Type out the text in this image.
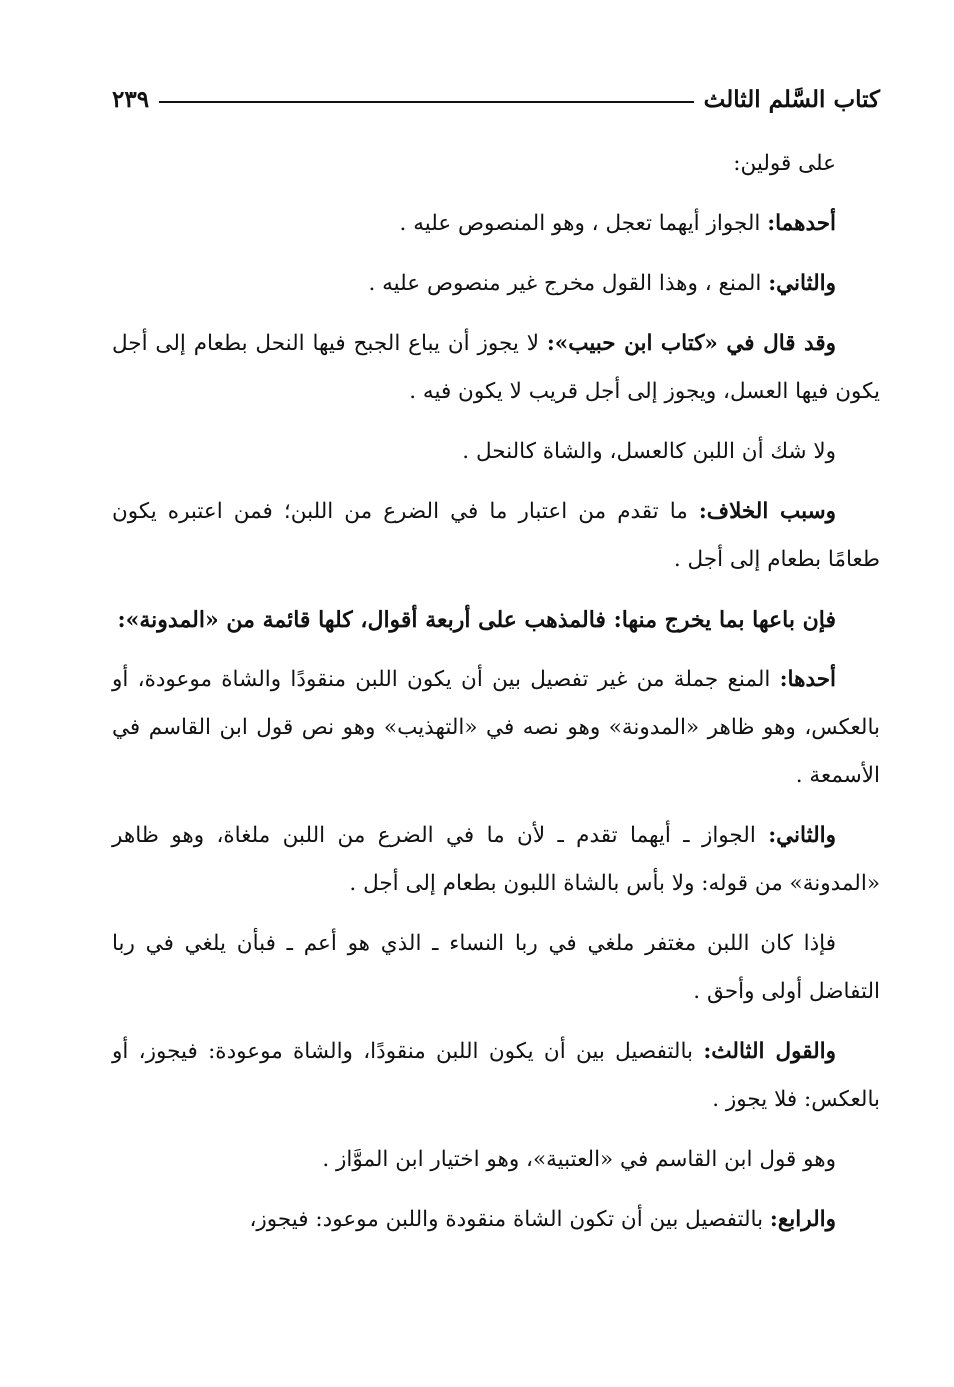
كتاب السَّلم الثالث
٢٣٩

على قولين:

أحدهما: الجواز أيهما تعجل ، وهو المنصوص عليه .

والثاني: المنع ، وهذا القول مخرج غير منصوص عليه .

وقد قال في «كتاب ابن حبيب»: لا يجوز أن يباع الجبح فيها النحل بطعام إلى أجل يكون فيها العسل، ويجوز إلى أجل قريب لا يكون فيه .

ولا شك أن اللبن كالعسل، والشاة كالنحل .

وسبب الخلاف: ما تقدم من اعتبار ما في الضرع من اللبن؛ فمن اعتبره يكون طعامًا بطعام إلى أجل .

فإن باعها بما يخرج منها: فالمذهب على أربعة أقوال، كلها قائمة من «المدونة»:

أحدها: المنع جملة من غير تفصيل بين أن يكون اللبن منقودًا والشاة موعودة، أو بالعكس، وهو ظاهر «المدونة» وهو نصه في «التهذيب» وهو نص قول ابن القاسم في الأسمعة .

والثاني: الجواز ـ أيهما تقدم ـ لأن ما في الضرع من اللبن ملغاة، وهو ظاهر «المدونة» من قوله: ولا بأس بالشاة اللبون بطعام إلى أجل .

فإذا كان اللبن مغتفر ملغي في ربا النساء ـ الذي هو أعم ـ فبأن يلغي في ربا التفاضل أولى وأحق .

والقول الثالث: بالتفصيل بين أن يكون اللبن منقودًا، والشاة موعودة: فيجوز، أو بالعكس: فلا يجوز .

وهو قول ابن القاسم في «العتبية»، وهو اختيار ابن الموَّاز .

والرابع: بالتفصيل بين أن تكون الشاة منقودة واللبن موعود: فيجوز،
